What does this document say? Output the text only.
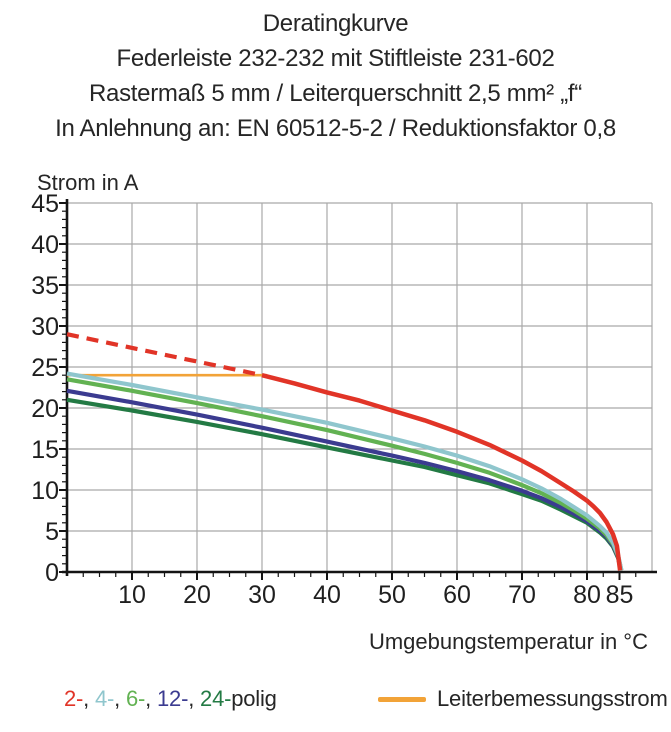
Deratingkurve
Federleiste 232-232 mit Stiftleiste 231-602
Rastermaß 5 mm / Leiterquerschnitt 2,5 mm² „f“
In Anlehnung an: EN 60512-5-2 / Reduktionsfaktor 0,8
Strom in A
10 20 30 40 50 60 70 80 85
0
5
10
15
20
25
30
35
40
45
Umgebungstemperatur in °C
2-, 4-, 6-, 12-, 24-polig	Leiterbemessungsstrom
